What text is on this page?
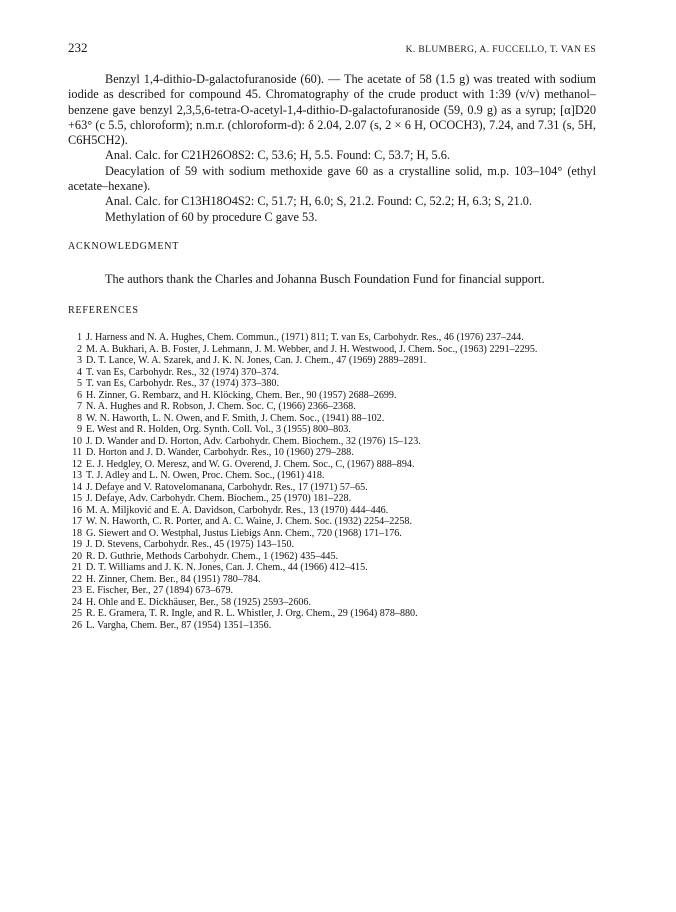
232	K. BLUMBERG, A. FUCCELLO, T. VAN ES

Benzyl 1,4-dithio-D-galactofuranoside (60). — The acetate of 58 (1.5 g) was treated with sodium iodide as described for compound 45. Chromatography of the crude product with 1:39 (v/v) methanol–benzene gave benzyl 2,3,5,6-tetra-O-acetyl-1,4-dithio-D-galactofuranoside (59, 0.9 g) as a syrup; [α]D20 +63° (c 5.5, chloroform); n.m.r. (chloroform-d): δ 2.04, 2.07 (s, 2 × 6 H, OCOCH3), 7.24, and 7.31 (s, 5H, C6H5CH2).

Anal. Calc. for C21H26O8S2: C, 53.6; H, 5.5. Found: C, 53.7; H, 5.6.

Deacylation of 59 with sodium methoxide gave 60 as a crystalline solid, m.p. 103–104° (ethyl acetate–hexane).

Anal. Calc. for C13H18O4S2: C, 51.7; H, 6.0; S, 21.2. Found: C, 52.2; H, 6.3; S, 21.0.

Methylation of 60 by procedure C gave 53.

ACKNOWLEDGMENT

The authors thank the Charles and Johanna Busch Foundation Fund for financial support.

REFERENCES

1 J. Harness and N. A. Hughes, Chem. Commun., (1971) 811; T. van Es, Carbohydr. Res., 46 (1976) 237–244.
2 M. A. Bukhari, A. B. Foster, J. Lehmann, J. M. Webber, and J. H. Westwood, J. Chem. Soc., (1963) 2291–2295.
3 D. T. Lance, W. A. Szarek, and J. K. N. Jones, Can. J. Chem., 47 (1969) 2889–2891.
4 T. van Es, Carbohydr. Res., 32 (1974) 370–374.
5 T. van Es, Carbohydr. Res., 37 (1974) 373–380.
6 H. Zinner, G. Rembarz, and H. Klöcking, Chem. Ber., 90 (1957) 2688–2699.
7 N. A. Hughes and R. Robson, J. Chem. Soc. C, (1966) 2366–2368.
8 W. N. Haworth, L. N. Owen, and F. Smith, J. Chem. Soc., (1941) 88–102.
9 E. West and R. Holden, Org. Synth. Coll. Vol., 3 (1955) 800–803.
10 J. D. Wander and D. Horton, Adv. Carbohydr. Chem. Biochem., 32 (1976) 15–123.
11 D. Horton and J. D. Wander, Carbohydr. Res., 10 (1960) 279–288.
12 E. J. Hedgley, O. Meresz, and W. G. Overend, J. Chem. Soc., C, (1967) 888–894.
13 T. J. Adley and L. N. Owen, Proc. Chem. Soc., (1961) 418.
14 J. Defaye and V. Ratovelomanana, Carbohydr. Res., 17 (1971) 57–65.
15 J. Defaye, Adv. Carbohydr. Chem. Biochem., 25 (1970) 181–228.
16 M. A. Miljković and E. A. Davidson, Carbohydr. Res., 13 (1970) 444–446.
17 W. N. Haworth, C. R. Porter, and A. C. Waine, J. Chem. Soc. (1932) 2254–2258.
18 G. Siewert and O. Westphal, Justus Liebigs Ann. Chem., 720 (1968) 171–176.
19 J. D. Stevens, Carbohydr. Res., 45 (1975) 143–150.
20 R. D. Guthrie, Methods Carbohydr. Chem., 1 (1962) 435–445.
21 D. T. Williams and J. K. N. Jones, Can. J. Chem., 44 (1966) 412–415.
22 H. Zinner, Chem. Ber., 84 (1951) 780–784.
23 E. Fischer, Ber., 27 (1894) 673–679.
24 H. Ohle and E. Dickhäuser, Ber., 58 (1925) 2593–2606.
25 R. E. Gramera, T. R. Ingle, and R. L. Whistler, J. Org. Chem., 29 (1964) 878–880.
26 L. Vargha, Chem. Ber., 87 (1954) 1351–1356.
